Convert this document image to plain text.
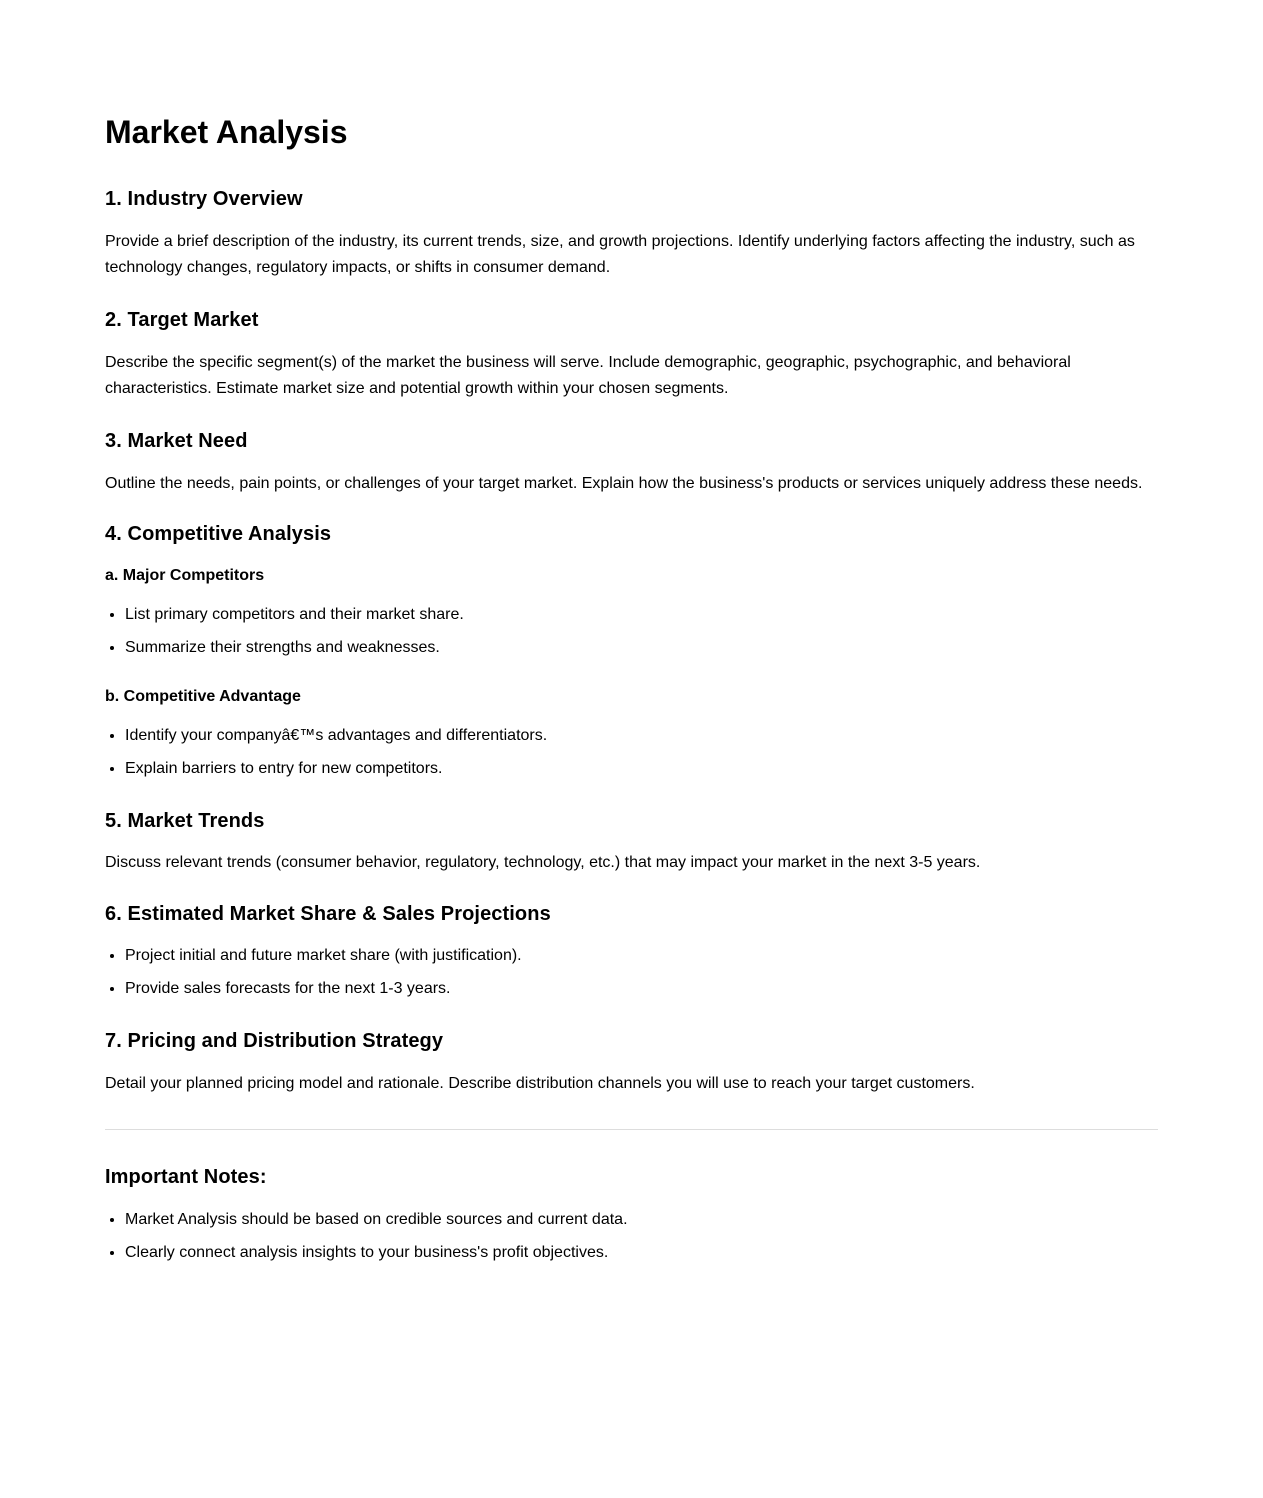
Market Analysis
1. Industry Overview

Provide a brief description of the industry, its current trends, size, and growth projections. Identify underlying factors affecting the industry, such as technology changes, regulatory impacts, or shifts in consumer demand.

2. Target Market

Describe the specific segment(s) of the market the business will serve. Include demographic, geographic, psychographic, and behavioral characteristics. Estimate market size and potential growth within your chosen segments.

3. Market Need

Outline the needs, pain points, or challenges of your target market. Explain how the business's products or services uniquely address these needs.

4. Competitive Analysis
a. Major Competitors
• List primary competitors and their market share.
• Summarize their strengths and weaknesses.
b. Competitive Advantage
• Identify your companyâ€™s advantages and differentiators.
• Explain barriers to entry for new competitors.
5. Market Trends

Discuss relevant trends (consumer behavior, regulatory, technology, etc.) that may impact your market in the next 3-5 years.

6. Estimated Market Share & Sales Projections
• Project initial and future market share (with justification).
• Provide sales forecasts for the next 1-3 years.
7. Pricing and Distribution Strategy

Detail your planned pricing model and rationale. Describe distribution channels you will use to reach your target customers.

Important Notes:
• Market Analysis should be based on credible sources and current data.
• Clearly connect analysis insights to your business's profit objectives.
